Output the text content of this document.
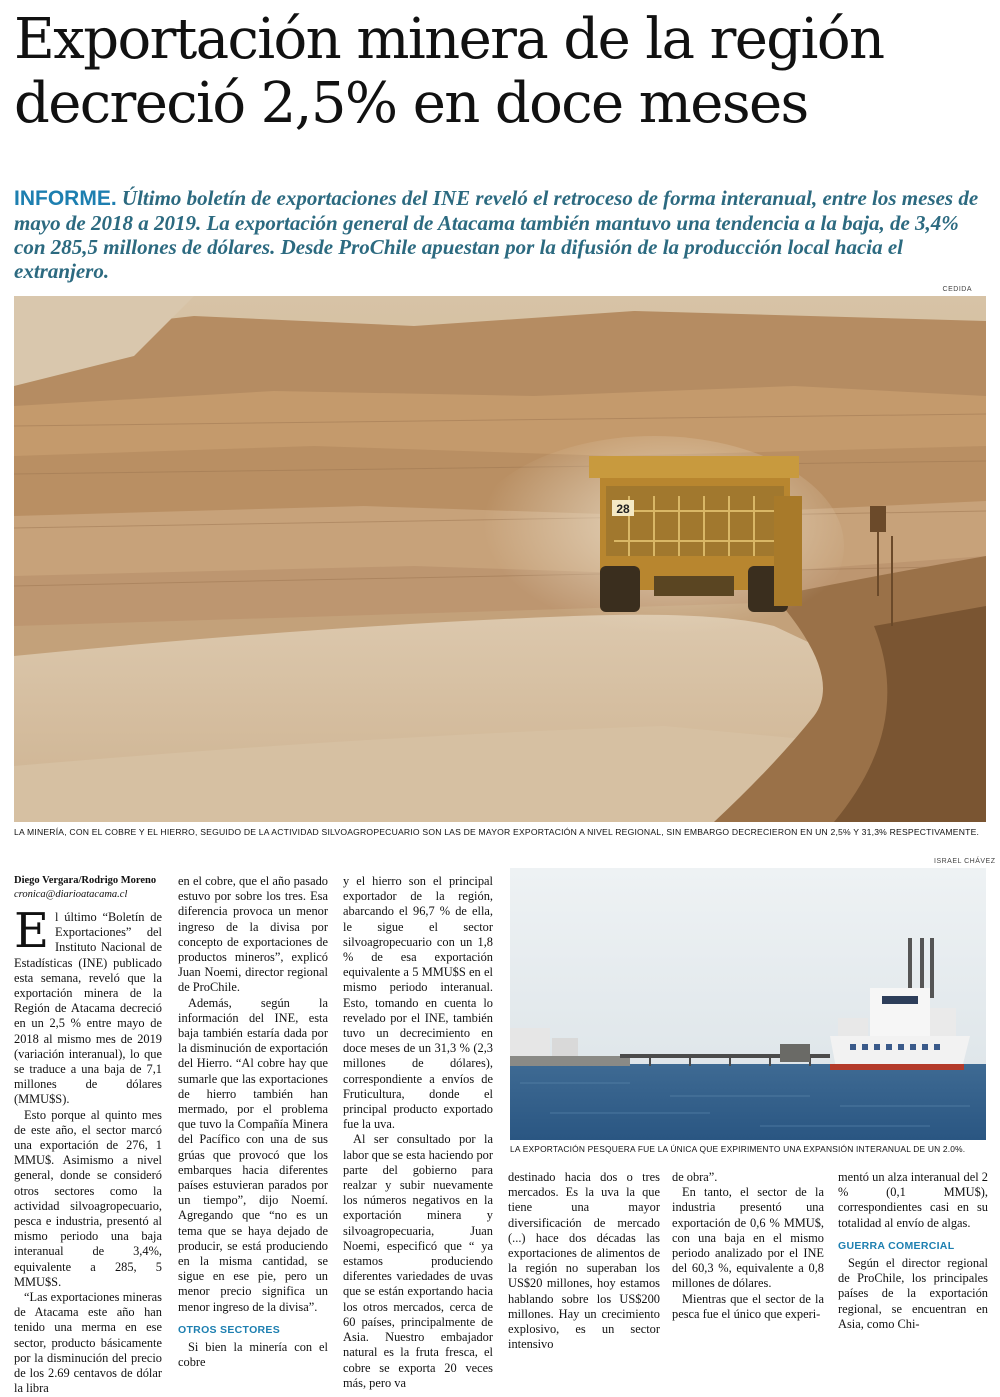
Exportación minera de la región decreció 2,5% en doce meses

INFORME. Último boletín de exportaciones del INE reveló el retroceso de forma interanual, entre los meses de mayo de 2018 a 2019. La exportación general de Atacama también mantuvo una tendencia a la baja, de 3,4% con 285,5 millones de dólares. Desde ProChile apuestan por la difusión de la producción local hacia el extranjero.

CEDIDA
28
LA MINERÍA, CON EL COBRE Y EL HIERRO, SEGUIDO DE LA ACTIVIDAD SILVOAGROPECUARIO SON LAS DE MAYOR EXPORTACIÓN A NIVEL REGIONAL, SIN EMBARGO DECRECIERON EN UN 2,5% Y 31,3% RESPECTIVAMENTE.
ISRAEL CHÁVEZ
LA EXPORTACIÓN PESQUERA FUE LA ÚNICA QUE EXPIRIMENTO UNA EXPANSIÓN INTERANUAL DE UN 2.0%.
Diego Vergara/Rodrigo Moreno
cronica@diarioatacama.cl

El último “Boletín de Exportaciones” del Instituto Nacional de Estadísticas (INE) publicado esta semana, reveló que la exportación minera de la Región de Atacama decreció en un 2,5 % entre mayo de 2018 al mismo mes de 2019 (variación interanual), lo que se traduce a una baja de 7,1 millones de dólares (MMU$S).

Esto porque al quinto mes de este año, el sector marcó una exportación de 276, 1 MMU$. Asimismo a nivel general, donde se consideró otros sectores como la actividad silvoagropecuario, pesca e industria, presentó al mismo periodo una baja interanual de 3,4%, equivalente a 285, 5 MMU$S.

“Las exportaciones mineras de Atacama este año han tenido una merma en ese sector, producto básicamente por la disminución del precio de los 2.69 centavos de dólar la libra

en el cobre, que el año pasado estuvo por sobre los tres. Esa diferencia provoca un menor ingreso de la divisa por concepto de exportaciones de productos mineros”, explicó Juan Noemi, director regional de ProChile.

Además, según la información del INE, esta baja también estaría dada por la disminución de exportación del Hierro. “Al cobre hay que sumarle que las exportaciones de hierro también han mermado, por el problema que tuvo la Compañía Minera del Pacífico con una de sus grúas que provocó que los embarques hacia diferentes países estuvieran parados por un tiempo”, dijo Noemí. Agregando que “no es un tema que se haya dejado de producir, se está produciendo en la misma cantidad, se sigue en ese pie, pero un menor precio significa un menor ingreso de la divisa”.

OTROS SECTORES

Si bien la minería con el cobre

y el hierro son el principal exportador de la región, abarcando el 96,7 % de ella, le sigue el sector silvoagropecuario con un 1,8 % de esa exportación equivalente a 5 MMU$S en el mismo periodo interanual. Esto, tomando en cuenta lo revelado por el INE, también tuvo un decrecimiento en doce meses de un 31,3 % (2,3 millones de dólares), correspondiente a envíos de Fruticultura, donde el principal producto exportado fue la uva.

Al ser consultado por la labor que se esta haciendo por parte del gobierno para realzar y subir nuevamente los números negativos en la exportación minera y silvoagropecuaria, Juan Noemi, especificó que “ ya estamos produciendo diferentes variedades de uvas que se están exportando hacia los otros mercados, cerca de 60 países, principalmente de Asia. Nuestro embajador natural es la fruta fresca, el cobre se exporta 20 veces más, pero va

destinado hacia dos o tres mercados. Es la uva la que tiene una mayor diversificación de mercado (...) hace dos décadas las exportaciones de alimentos de la región no superaban los US$20 millones, hoy estamos hablando sobre los US$200 millones. Hay un crecimiento explosivo, es un sector intensivo

de obra”.

En tanto, el sector de la industria presentó una exportación de 0,6 % MMU$, con una baja en el mismo periodo analizado por el INE del 60,3 %, equivalente a 0,8 millones de dólares.

Mientras que el sector de la pesca fue el único que experi-

mentó un alza interanual del 2 % (0,1 MMU$), correspondientes casi en su totalidad al envío de algas.

GUERRA COMERCIAL

Según el director regional de ProChile, los principales países de la exportación regional, se encuentran en Asia, como Chi-
